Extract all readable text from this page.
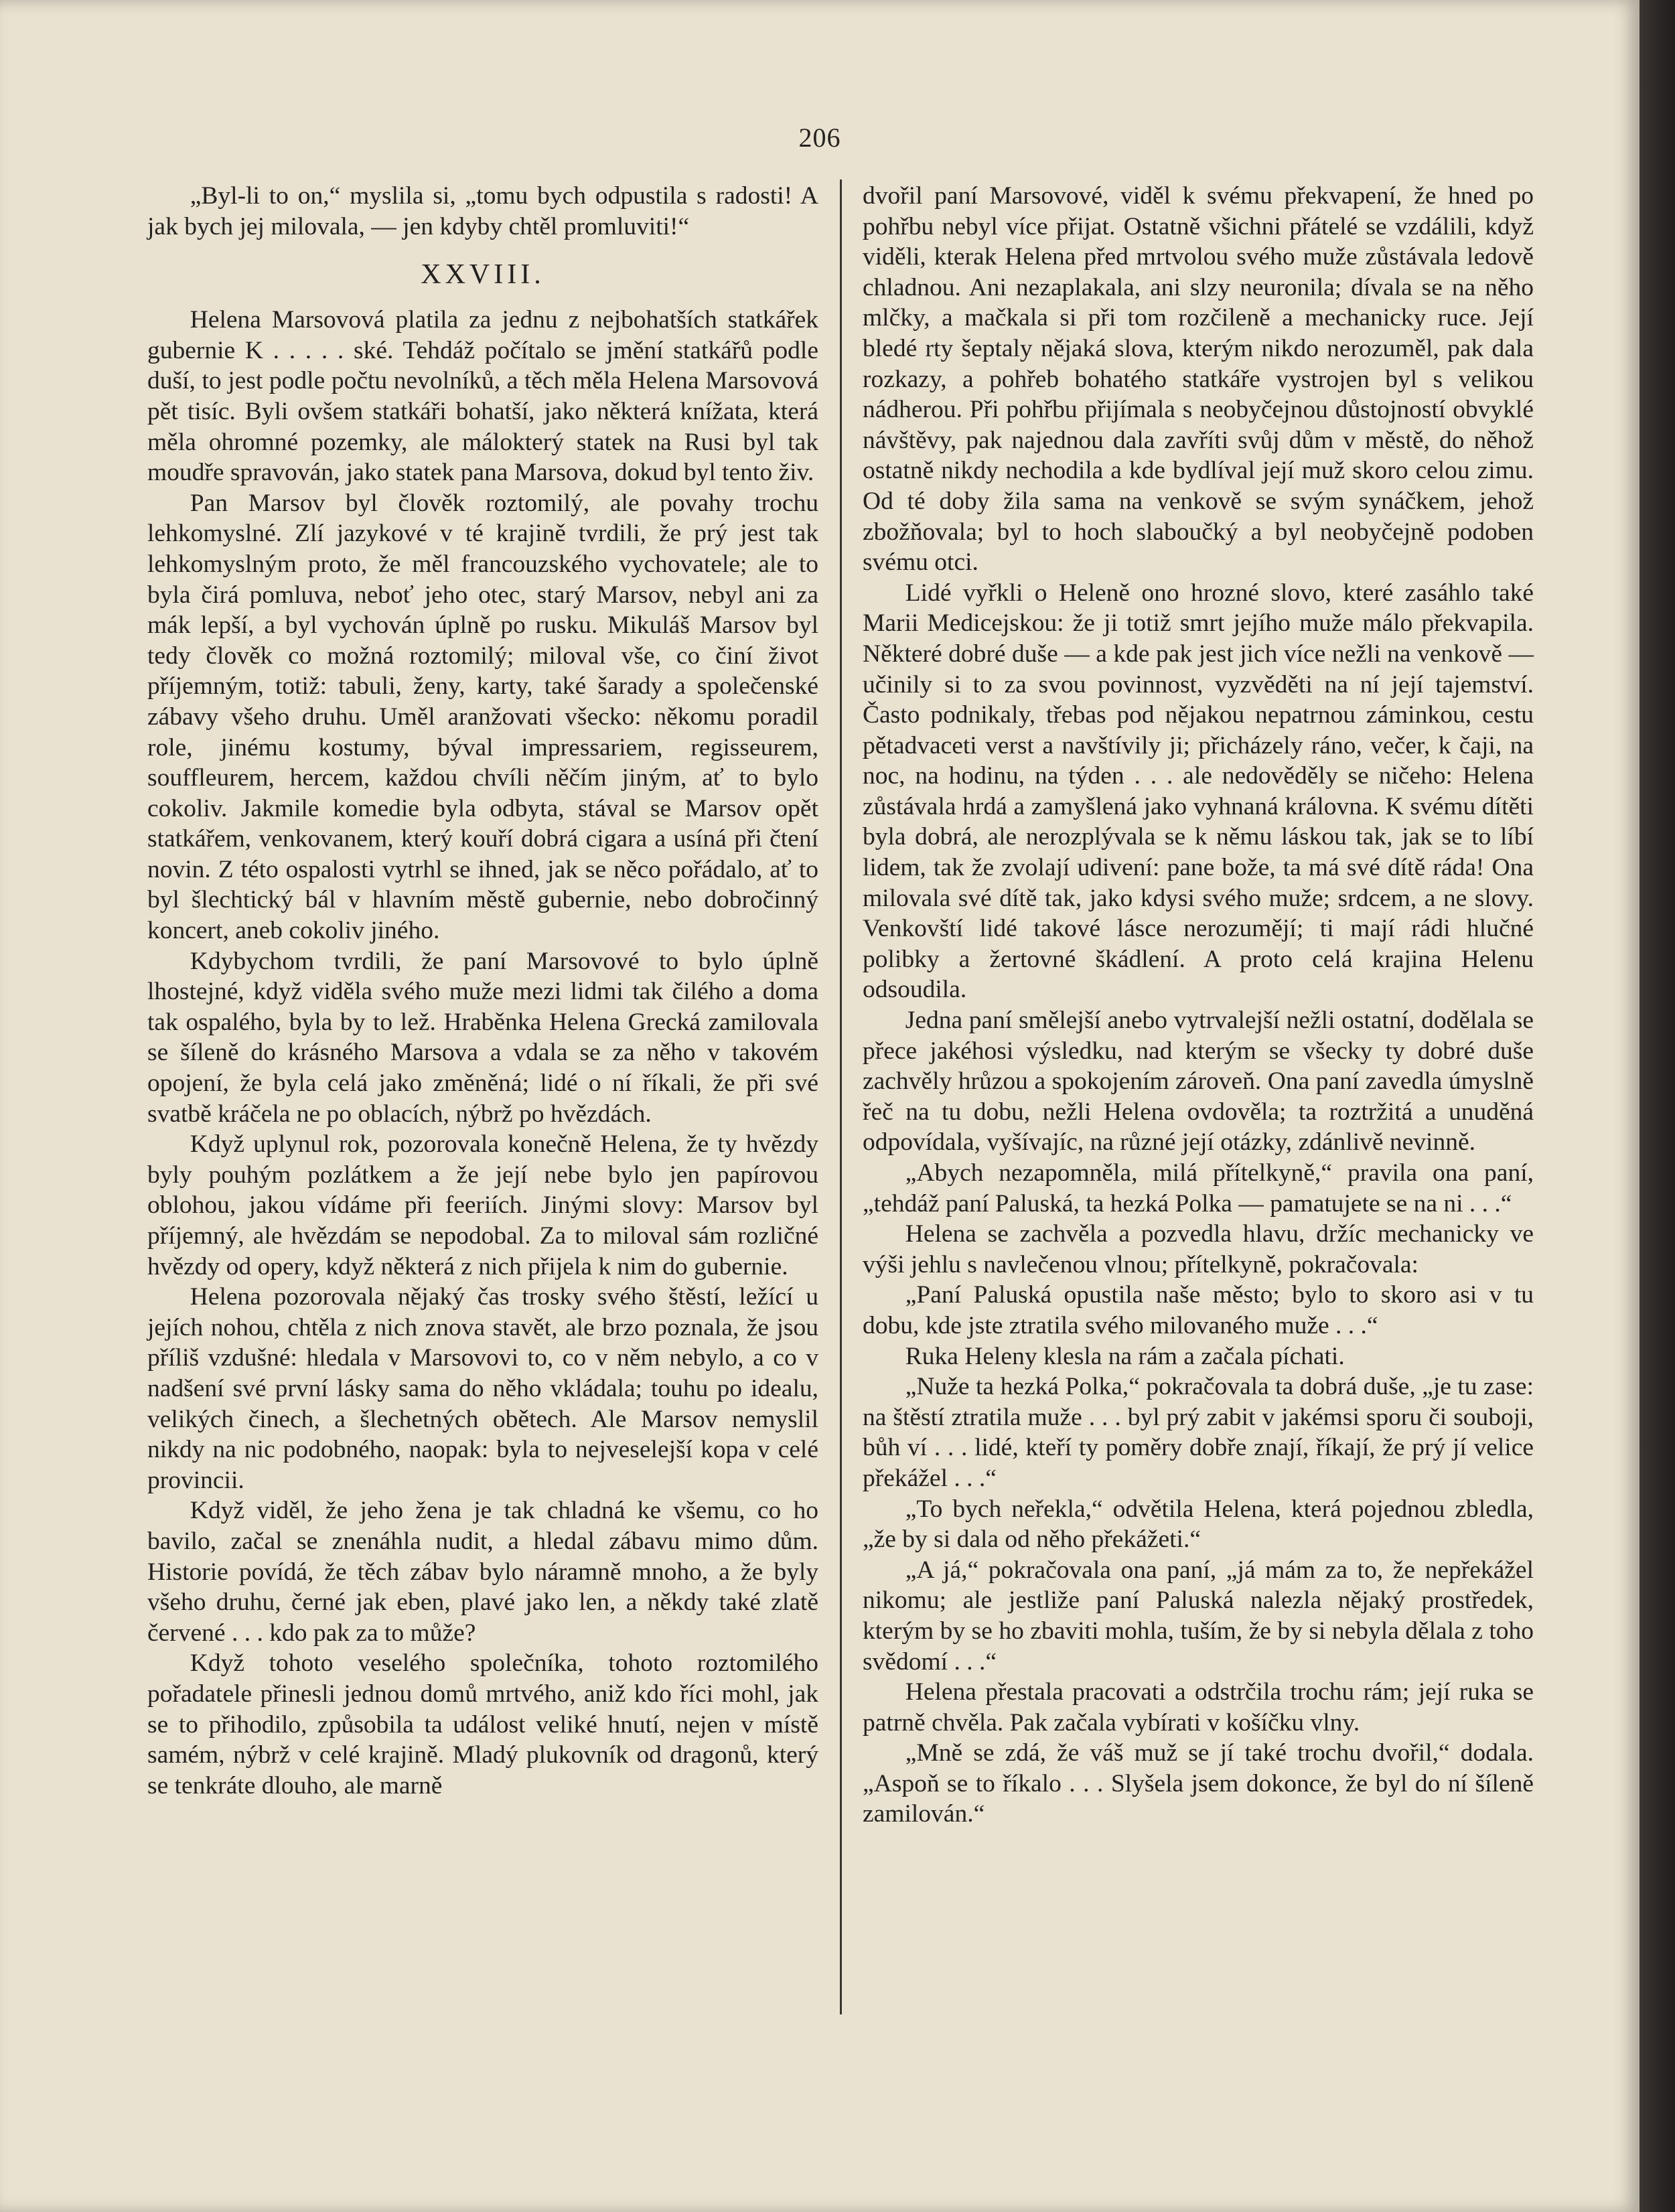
206

„Byl-li to on,“ myslila si, „tomu bych odpustila s radosti! A jak bych jej milovala, — jen kdyby chtěl promluviti!“

XXVIII.

Helena Marsovová platila za jednu z nejbohatších statkářek gubernie K . . . . . ské. Tehdáž počítalo se jmění statkářů podle duší, to jest podle počtu nevolníků, a těch měla Helena Marsovová pět tisíc. Byli ovšem statkáři bohatší, jako některá knížata, která měla ohromné pozemky, ale málokterý statek na Rusi byl tak moudře spravován, jako statek pana Marsova, dokud byl tento živ.

Pan Marsov byl člověk roztomilý, ale povahy trochu lehkomyslné. Zlí jazykové v té krajině tvrdili, že prý jest tak lehkomyslným proto, že měl francouzského vychovatele; ale to byla čirá pomluva, neboť jeho otec, starý Marsov, nebyl ani za mák lepší, a byl vychován úplně po rusku. Mikuláš Marsov byl tedy člověk co možná roztomilý; miloval vše, co činí život příjemným, totiž: tabuli, ženy, karty, také šarady a společenské zábavy všeho druhu. Uměl aranžovati všecko: někomu poradil role, jinému kostumy, býval impressariem, regisseurem, souffleurem, hercem, každou chvíli něčím jiným, ať to bylo cokoliv. Jakmile komedie byla odbyta, stával se Marsov opět statkářem, venkovanem, který kouří dobrá cigara a usíná při čtení novin. Z této ospalosti vytrhl se ihned, jak se něco pořádalo, ať to byl šlechtický bál v hlavním městě gubernie, nebo dobročinný koncert, aneb cokoliv jiného.

Kdybychom tvrdili, že paní Marsovové to bylo úplně lhostejné, když viděla svého muže mezi lidmi tak čilého a doma tak ospalého, byla by to lež. Hraběnka Helena Grecká zamilovala se šíleně do krásného Marsova a vdala se za něho v takovém opojení, že byla celá jako změněná; lidé o ní říkali, že při své svatbě kráčela ne po oblacích, nýbrž po hvězdách.

Když uplynul rok, pozorovala konečně Helena, že ty hvězdy byly pouhým pozlátkem a že její nebe bylo jen papírovou oblohou, jakou vídáme při feeriích. Jinými slovy: Marsov byl příjemný, ale hvězdám se nepodobal. Za to miloval sám rozličné hvězdy od opery, když některá z nich přijela k nim do gubernie.

Helena pozorovala nějaký čas trosky svého štěstí, ležící u jejích nohou, chtěla z nich znova stavět, ale brzo poznala, že jsou příliš vzdušné: hledala v Marsovovi to, co v něm nebylo, a co v nadšení své první lásky sama do něho vkládala; touhu po idealu, velikých činech, a šlechetných obětech. Ale Marsov nemyslil nikdy na nic podobného, naopak: byla to nejveselejší kopa v celé provincii.

Když viděl, že jeho žena je tak chladná ke všemu, co ho bavilo, začal se znenáhla nudit, a hledal zábavu mimo dům. Historie povídá, že těch zábav bylo náramně mnoho, a že byly všeho druhu, černé jak eben, plavé jako len, a někdy také zlatě červené . . . kdo pak za to může?

Když tohoto veselého společníka, tohoto roztomilého pořadatele přinesli jednou domů mrtvého, aniž kdo říci mohl, jak se to přihodilo, způsobila ta událost veliké hnutí, nejen v místě samém, nýbrž v celé krajině. Mladý plukovník od dragonů, který se tenkráte dlouho, ale marně

dvořil paní Marsovové, viděl k svému překvapení, že hned po pohřbu nebyl více přijat. Ostatně všichni přátelé se vzdálili, když viděli, kterak Helena před mrtvolou svého muže zůstávala ledově chladnou. Ani nezaplakala, ani slzy neuronila; dívala se na něho mlčky, a mačkala si při tom rozčileně a mechanicky ruce. Její bledé rty šeptaly nějaká slova, kterým nikdo nerozuměl, pak dala rozkazy, a pohřeb bohatého statkáře vystrojen byl s velikou nádherou. Při pohřbu přijímala s neobyčejnou důstojností obvyklé návštěvy, pak najednou dala zavříti svůj dům v městě, do něhož ostatně nikdy nechodila a kde bydlíval její muž skoro celou zimu. Od té doby žila sama na venkově se svým synáčkem, jehož zbožňovala; byl to hoch slaboučký a byl neobyčejně podoben svému otci.

Lidé vyřkli o Heleně ono hrozné slovo, které zasáhlo také Marii Medicejskou: že ji totiž smrt jejího muže málo překvapila. Některé dobré duše — a kde pak jest jich více nežli na venkově — učinily si to za svou povinnost, vyzvěděti na ní její tajemství. Často podnikaly, třebas pod nějakou nepatrnou záminkou, cestu pětadvaceti verst a navštívily ji; přicházely ráno, večer, k čaji, na noc, na hodinu, na týden . . . ale nedověděly se ničeho: Helena zůstávala hrdá a zamyšlená jako vyhnaná královna. K svému dítěti byla dobrá, ale nerozplývala se k němu láskou tak, jak se to líbí lidem, tak že zvolají udivení: pane bože, ta má své dítě ráda! Ona milovala své dítě tak, jako kdysi svého muže; srdcem, a ne slovy. Venkovští lidé takové lásce nerozumějí; ti mají rádi hlučné polibky a žertovné škádlení. A proto celá krajina Helenu odsoudila.

Jedna paní smělejší anebo vytrvalejší nežli ostatní, dodělala se přece jakéhosi výsledku, nad kterým se všecky ty dobré duše zachvěly hrůzou a spokojením zároveň. Ona paní zavedla úmyslně řeč na tu dobu, nežli Helena ovdověla; ta roztržitá a unuděná odpovídala, vyšívajíc, na různé její otázky, zdánlivě nevinně.

„Abych nezapomněla, milá přítelkyně,“ pravila ona paní, „tehdáž paní Paluská, ta hezká Polka — pamatujete se na ni . . .“

Helena se zachvěla a pozvedla hlavu, držíc mechanicky ve výši jehlu s navlečenou vlnou; přítelkyně, pokračovala:

„Paní Paluská opustila naše město; bylo to skoro asi v tu dobu, kde jste ztratila svého milovaného muže . . .“

Ruka Heleny klesla na rám a začala píchati.

„Nuže ta hezká Polka,“ pokračovala ta dobrá duše, „je tu zase: na štěstí ztratila muže . . . byl prý zabit v jakémsi sporu či souboji, bůh ví . . . lidé, kteří ty poměry dobře znají, říkají, že prý jí velice překážel . . .“

„To bych neřekla,“ odvětila Helena, která pojednou zbledla, „že by si dala od něho překážeti.“

„A já,“ pokračovala ona paní, „já mám za to, že nepřekážel nikomu; ale jestliže paní Paluská nalezla nějaký prostředek, kterým by se ho zbaviti mohla, tuším, že by si nebyla dělala z toho svědomí . . .“

Helena přestala pracovati a odstrčila trochu rám; její ruka se patrně chvěla. Pak začala vybírati v košíčku vlny.

„Mně se zdá, že váš muž se jí také trochu dvořil,“ dodala. „Aspoň se to říkalo . . . Slyšela jsem dokonce, že byl do ní šíleně zamilován.“
